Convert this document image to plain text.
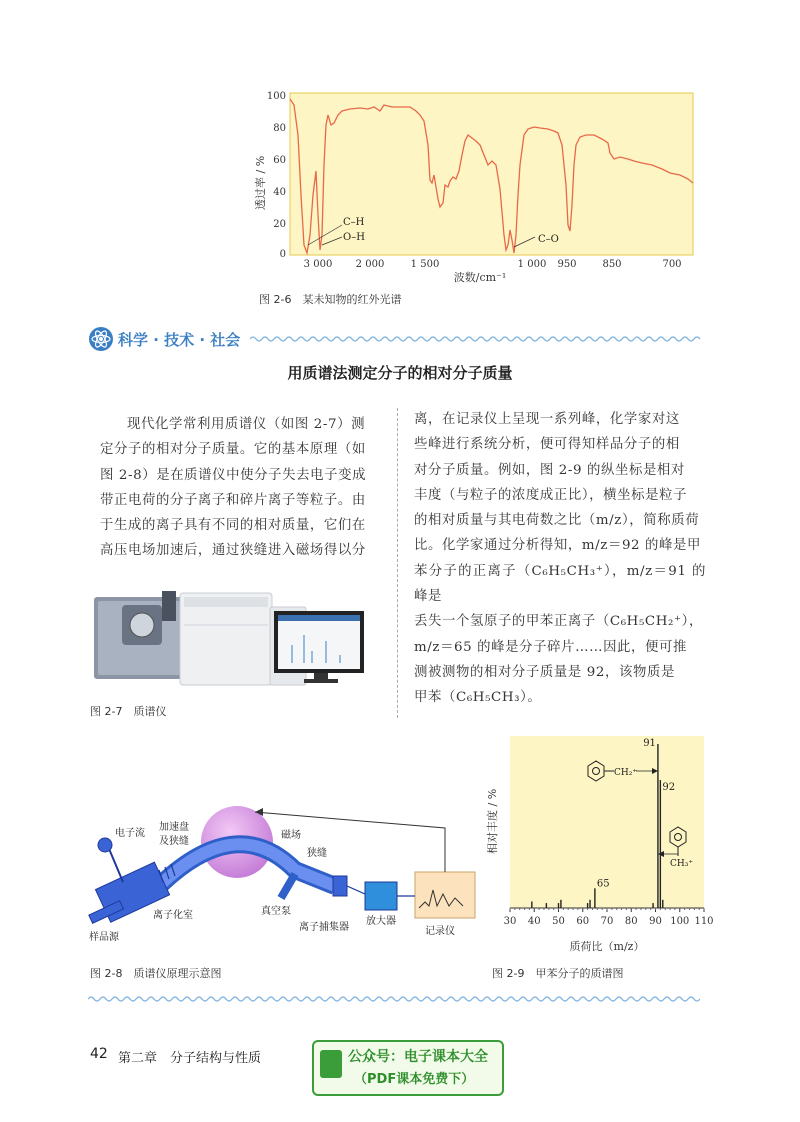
100
80
60
40
20
0
透过率 / %
3 000 2 000	1 500	1 000 950	850	700
波数/cm⁻¹
C–H
O–H	C–O
图 2-6　某未知物的红外光谱
科学 · 技术 · 社会
用质谱法测定分子的相对分子质量
现代化学常利用质谱仪（如图 2-7）测
定分子的相对分子质量。它的基本原理（如
图 2-8）是在质谱仪中使分子失去电子变成
带正电荷的分子离子和碎片离子等粒子。由
于生成的离子具有不同的相对质量，它们在
高压电场加速后，通过狭缝进入磁场得以分
图 2-7　质谱仪
离，在记录仪上呈现一系列峰，化学家对这
些峰进行系统分析，便可得知样品分子的相
对分子质量。例如，图 2-9 的纵坐标是相对
丰度（与粒子的浓度成正比），横坐标是粒子
的相对质量与其电荷数之比（m/z），简称质荷
比。化学家通过分析得知，m/z＝92 的峰是甲
苯分子的正离子（C₆H₅CH₃⁺），m/z＝91 的峰是
丢失一个氢原子的甲苯正离子（C₆H₅CH₂⁺），
m/z＝65 的峰是分子碎片……因此，便可推
测被测物的相对分子质量是 92，该物质是
甲苯（C₆H₅CH₃）。
电子流
加速盘
及狭缝
磁场
狭缝
离子化室	真空泵
样品源
离子捕集器
放大器
记录仪
图 2-8　质谱仪原理示意图
相对丰度 / %
30 40 50 60 70 80 90 100 110
91
92
65
质荷比（m/z）
CH₂⁺
CH₃⁺
图 2-9　甲苯分子的质谱图
42 第二章　分子结构与性质	公众号：电子课本大全
（PDF课本免费下）
